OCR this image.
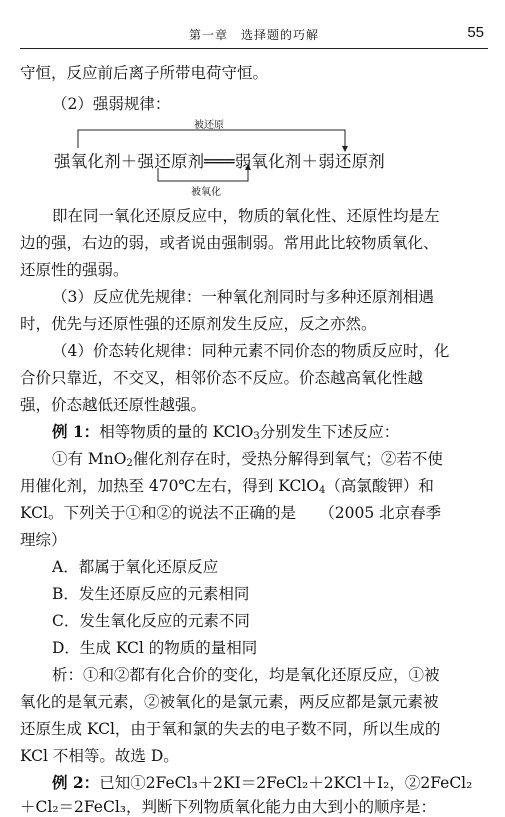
第一章　选择题的巧解	55
守恒，反应前后离子所带电荷守恒。
（2）强弱规律：
被还原
强氧化剂＋强还原剂═══弱氧化剂＋弱还原剂
被氧化
即在同一氧化还原反应中，物质的氧化性、还原性均是左
边的强，右边的弱，或者说由强制弱。常用此比较物质氧化、
还原性的强弱。
（3）反应优先规律：一种氧化剂同时与多种还原剂相遇
时，优先与还原性强的还原剂发生反应，反之亦然。
（4）价态转化规律：同种元素不同价态的物质反应时，化
合价只靠近，不交叉，相邻价态不反应。价态越高氧化性越
强，价态越低还原性越强。
例 1：相等物质的量的 KClO$_3$分别发生下述反应：
①有 MnO$_2$催化剂存在时，受热分解得到氧气；②若不使
用催化剂，加热至 470℃左右，得到 KClO$_4$（高氯酸钾）和
KCl。下列关于①和②的说法不正确的是　　（2005 北京春季
理综）
A．都属于氧化还原反应
B．发生还原反应的元素相同
C．发生氧化反应的元素不同
D．生成 KCl 的物质的量相同
析：①和②都有化合价的变化，均是氧化还原反应，①被
氧化的是氧元素，②被氧化的是氯元素，两反应都是氯元素被
还原生成 KCl，由于氧和氯的失去的电子数不同，所以生成的
KCl 不相等。故选 D。
例 2：已知①2FeCl₃＋2KI＝2FeCl₂＋2KCl＋I₂，②2FeCl₂
＋Cl₂＝2FeCl₃，判断下列物质氧化能力由大到小的顺序是：
